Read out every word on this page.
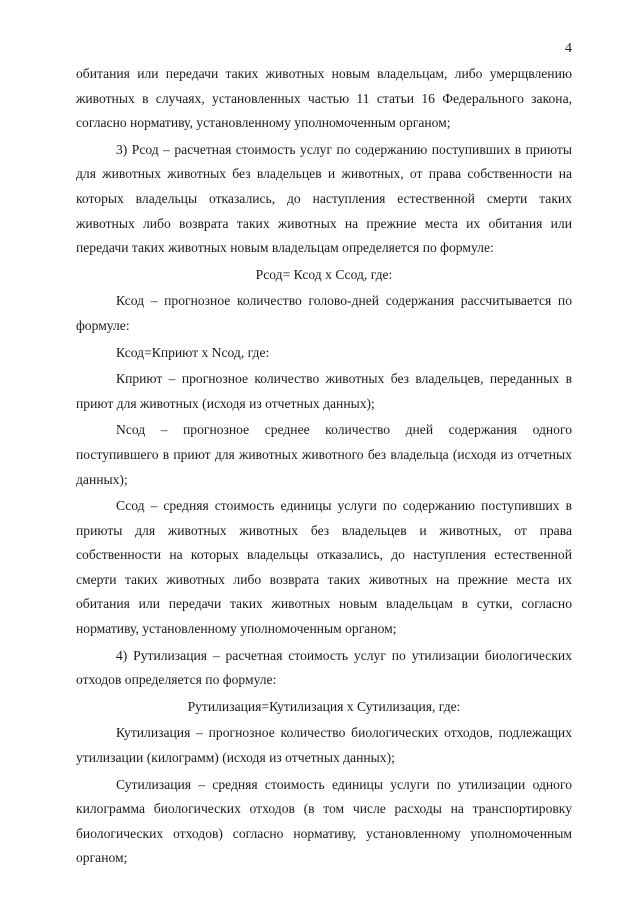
4

обитания или передачи таких животных новым владельцам, либо умерщвлению животных в случаях, установленных частью 11 статьи 16 Федерального закона, согласно нормативу, установленному уполномоченным органом;

3) Рсод – расчетная стоимость услуг по содержанию поступивших в приюты для животных животных без владельцев и животных, от права собственности на которых владельцы отказались, до наступления естественной смерти таких животных либо возврата таких животных на прежние места их обитания или передачи таких животных новым владельцам определяется по формуле:

Рсод= Ксод х Ссод, где:

Ксод – прогнозное количество голово-дней содержания рассчитывается по формуле:

Ксод=Кприют х Nсод, где:

Кприют – прогнозное количество животных без владельцев, переданных в приют для животных (исходя из отчетных данных);

Nсод – прогнозное среднее количество дней содержания одного поступившего в приют для животных животного без владельца (исходя из отчетных данных);

Ссод – средняя стоимость единицы услуги по содержанию поступивших в приюты для животных животных без владельцев и животных, от права собственности на которых владельцы отказались, до наступления естественной смерти таких животных либо возврата таких животных на прежние места их обитания или передачи таких животных новым владельцам в сутки, согласно нормативу, установленному уполномоченным органом;

4) Рутилизация – расчетная стоимость услуг по утилизации биологических отходов определяется по формуле:

Рутилизация=Кутилизация х Сутилизация, где:

Кутилизация – прогнозное количество биологических отходов, подлежащих утилизации (килограмм) (исходя из отчетных данных);

Сутилизация – средняя стоимость единицы услуги по утилизации одного килограмма биологических отходов (в том числе расходы на транспортировку биологических отходов) согласно нормативу, установленному уполномоченным органом;
